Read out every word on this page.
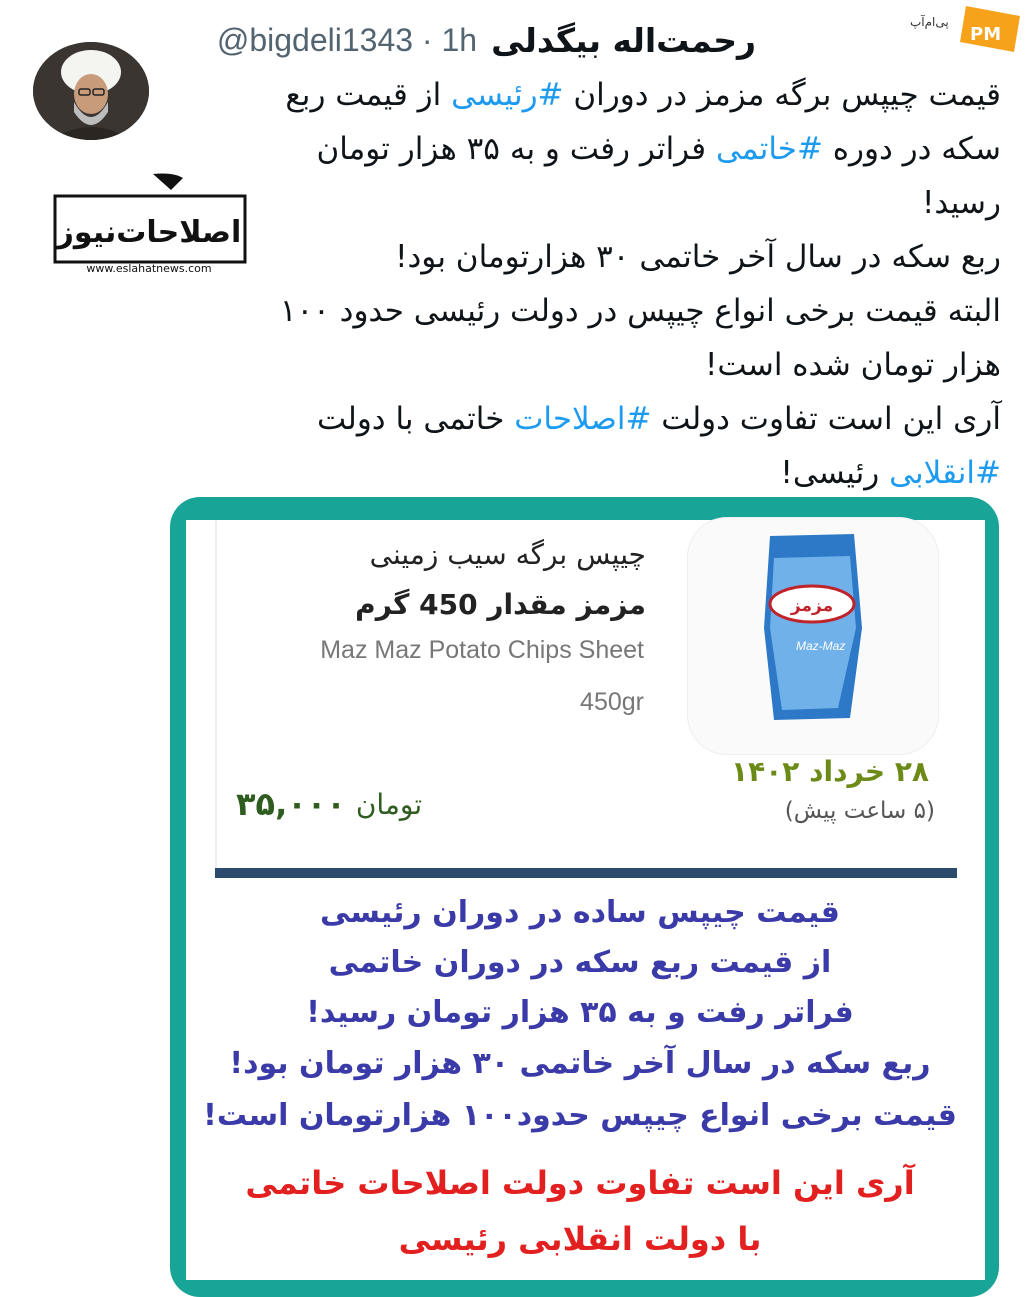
@bigdeli1343 · 1h رحمت‌اله بیگدلی	پی‌ام‌آپ
PM

قیمت چیپس برگه مزمز در دوران #رئیسی از قیمت ربع

سکه در دوره #خاتمی فراتر رفت و به ۳۵ هزار تومان

رسید!

ربع سکه در سال آخر خاتمی ۳۰ هزارتومان بود!

البته قیمت برخی انواع چیپس در دولت رئیسی حدود ۱۰۰

هزار تومان شده است!

آری این است تفاوت دولت #اصلاحات خاتمی با دولت

#انقلابی رئیسی!

اصلاحات‌نیوز
www.eslahatnews.com
چیپس برگه سیب زمینی
مزمز مقدار 450 گرم
Maz Maz Potato Chips Sheet
450gr
مزمز
Maz-Maz
۲۸ خرداد ۱۴۰۲
(۵ ساعت پیش)
تومان
۳۵,۰۰۰
قیمت چیپس ساده در دوران رئیسی
از قیمت ربع سکه در دوران خاتمی
فراتر رفت و به ۳۵ هزار تومان رسید!
ربع سکه در سال آخر خاتمی ۳۰ هزار تومان بود!
قیمت برخی انواع چیپس حدود۱۰۰ هزارتومان است!
آری این است تفاوت دولت اصلاحات خاتمی
با دولت انقلابی رئیسی
